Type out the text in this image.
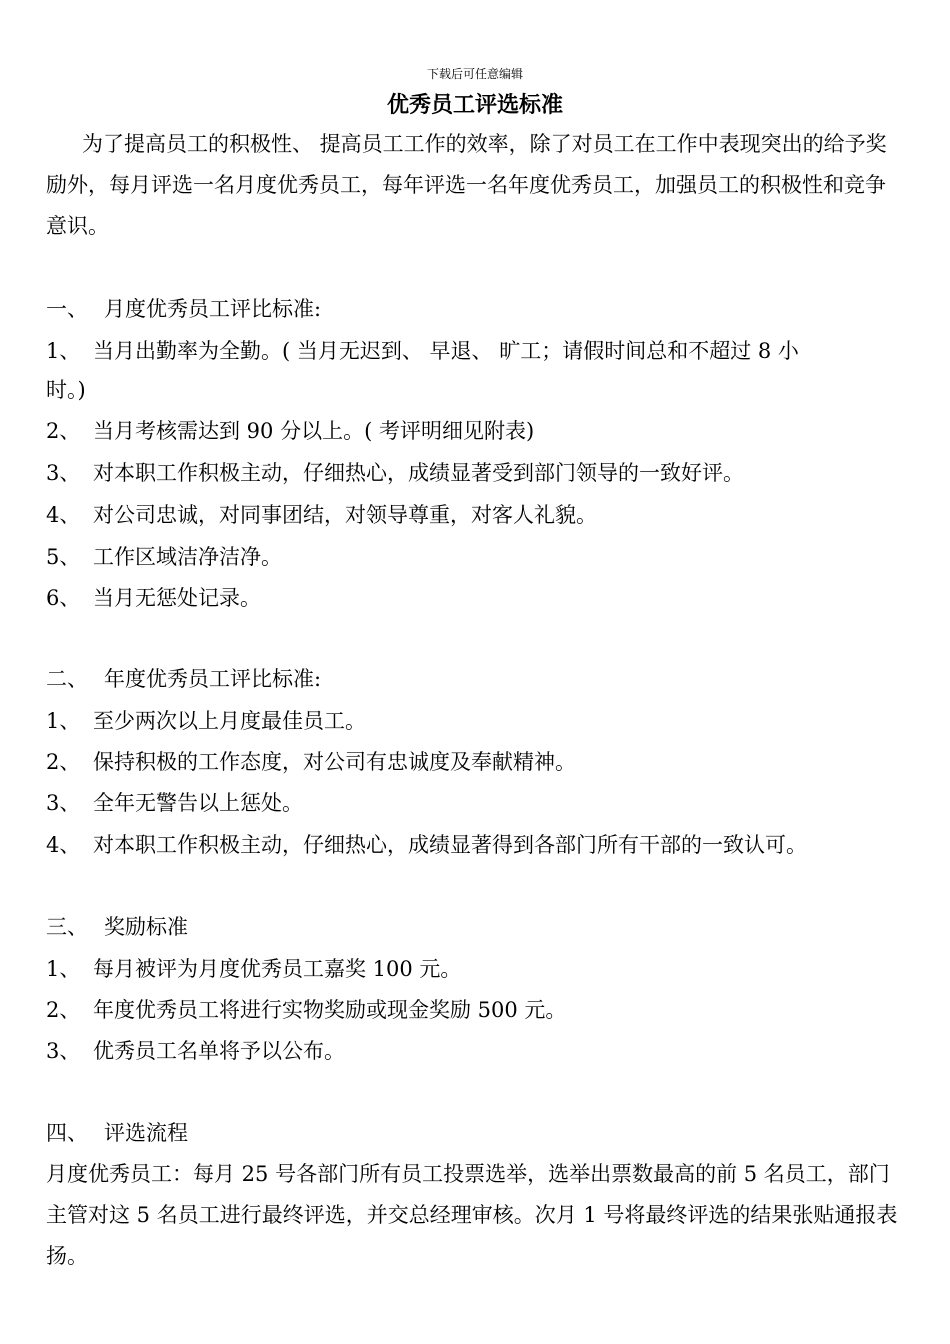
下载后可任意编辑
优秀员工评选标准

为了提高员工的积极性、 提高员工工作的效率，除了对员工在工作中表现突出的给予奖励外，每月评选一名月度优秀员工，每年评选一名年度优秀员工，加强员工的积极性和竞争意识。

一、 月度优秀员工评比标准:
1、 当月出勤率为全勤。( 当月无迟到、 早退、 旷工；请假时间总和不超过 8 小
时。)
2、 当月考核需达到 90 分以上。( 考评明细见附表)
3、 对本职工作积极主动，仔细热心，成绩显著受到部门领导的一致好评。
4、 对公司忠诚，对同事团结，对领导尊重，对客人礼貌。
5、 工作区域洁净洁净。
6、 当月无惩处记录。
二、 年度优秀员工评比标准:
1、 至少两次以上月度最佳员工。
2、 保持积极的工作态度，对公司有忠诚度及奉献精神。
3、 全年无警告以上惩处。
4、 对本职工作积极主动，仔细热心，成绩显著得到各部门所有干部的一致认可。
三、 奖励标准
1、 每月被评为月度优秀员工嘉奖 100 元。
2、 年度优秀员工将进行实物奖励或现金奖励 500 元。
3、 优秀员工名单将予以公布。
四、 评选流程

月度优秀员工：每月 25 号各部门所有员工投票选举，选举出票数最高的前 5 名员工，部门主管对这 5 名员工进行最终评选，并交总经理审核。次月 1 号将最终评选的结果张贴通报表扬。
